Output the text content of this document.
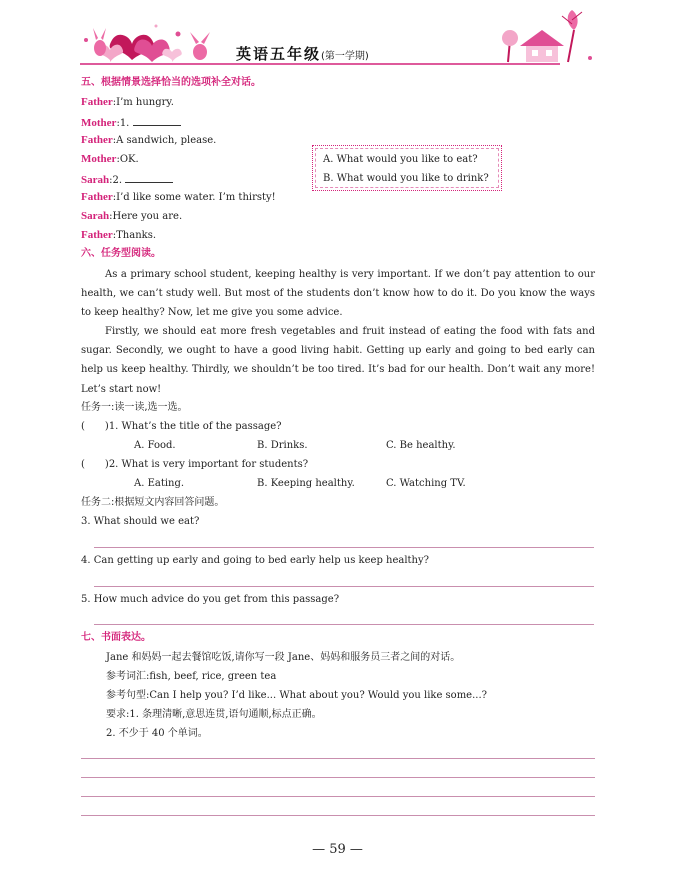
英语五年级(第一学期)
五、根据情景选择恰当的选项补全对话。
Father:I’m hungry.
Mother:1.
Father:A sandwich, please.
Mother:OK.
Sarah:2.
Father:I’d like some water. I’m thirsty!
Sarah:Here you are.
Father:Thanks.
A. What would you like to eat?
B. What would you like to drink?
六、任务型阅读。
As a primary school student, keeping healthy is very important. If we don’t pay attention to our health, we can’t study well. But most of the students don’t know how to do it. Do you know the ways to keep healthy? Now, let me give you some advice.
Firstly, we should eat more fresh vegetables and fruit instead of eating the food with fats and sugar. Secondly, we ought to have a good living habit. Getting up early and going to bed early can help us keep healthy. Thirdly, we shouldn’t be too tired. It’s bad for our health. Don’t wait any more! Let’s start now!
任务一:读一读,选一选。
(　　)1. What’s the title of the passage?
A. Food.	B. Drinks.	C. Be healthy.
(　　)2. What is very important for students?
A. Eating.	B. Keeping healthy.	C. Watching TV.
任务二:根据短文内容回答问题。
3. What should we eat?
4. Can getting up early and going to bed early help us keep healthy?
5. How much advice do you get from this passage?
七、书面表达。
Jane 和妈妈一起去餐馆吃饭,请你写一段 Jane、妈妈和服务员三者之间的对话。
参考词汇:fish, beef, rice, green tea
参考句型:Can I help you? I’d like... What about you? Would you like some...?
要求:1. 条理清晰,意思连贯,语句通顺,标点正确。
2. 不少于 40 个单词。
— 59 —
